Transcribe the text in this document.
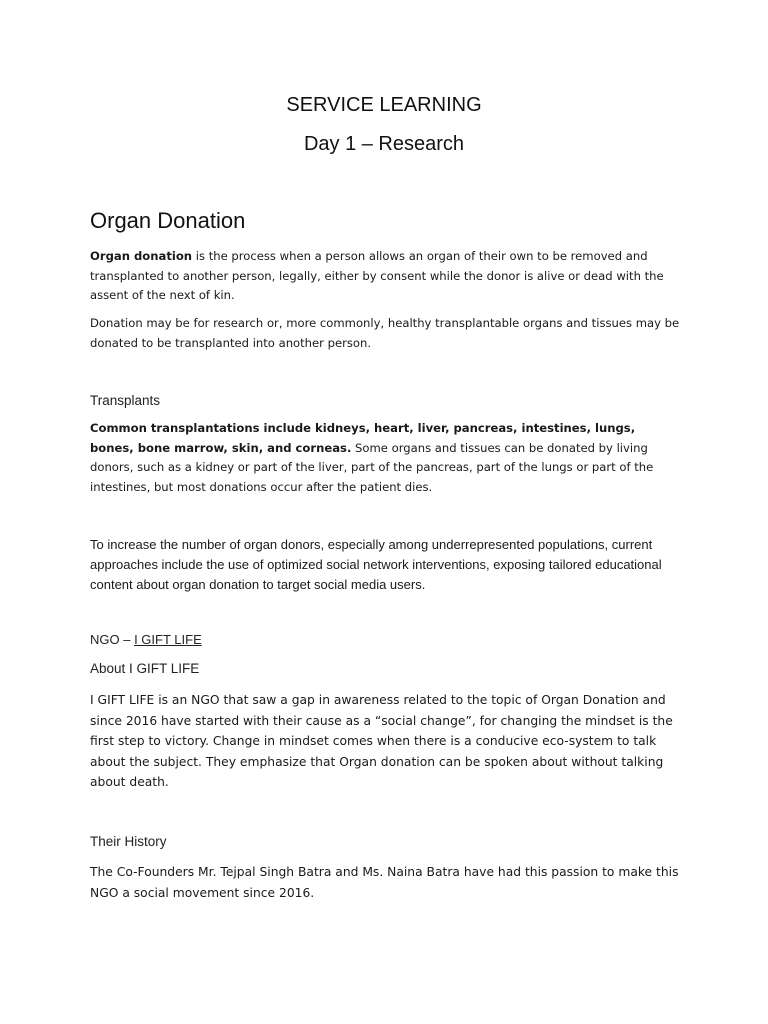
SERVICE LEARNING
Day 1 – Research
Organ Donation

Organ donation is the process when a person allows an organ of their own to be removed and transplanted to another person, legally, either by consent while the donor is alive or dead with the assent of the next of kin.

Donation may be for research or, more commonly, healthy transplantable organs and tissues may be donated to be transplanted into another person.

Transplants

Common transplantations include kidneys, heart, liver, pancreas, intestines, lungs, bones, bone marrow, skin, and corneas. Some organs and tissues can be donated by living donors, such as a kidney or part of the liver, part of the pancreas, part of the lungs or part of the intestines, but most donations occur after the patient dies.

To increase the number of organ donors, especially among underrepresented populations, current approaches include the use of optimized social network interventions, exposing tailored educational content about organ donation to target social media users.

NGO – I GIFT LIFE
About I GIFT LIFE

I GIFT LIFE is an NGO that saw a gap in awareness related to the topic of Organ Donation and since 2016 have started with their cause as a “social change”, for changing the mindset is the first step to victory. Change in mindset comes when there is a conducive eco-system to talk about the subject. They emphasize that Organ donation can be spoken about without talking about death.

Their History

The Co-Founders Mr. Tejpal Singh Batra and Ms. Naina Batra have had this passion to make this NGO a social movement since 2016.
